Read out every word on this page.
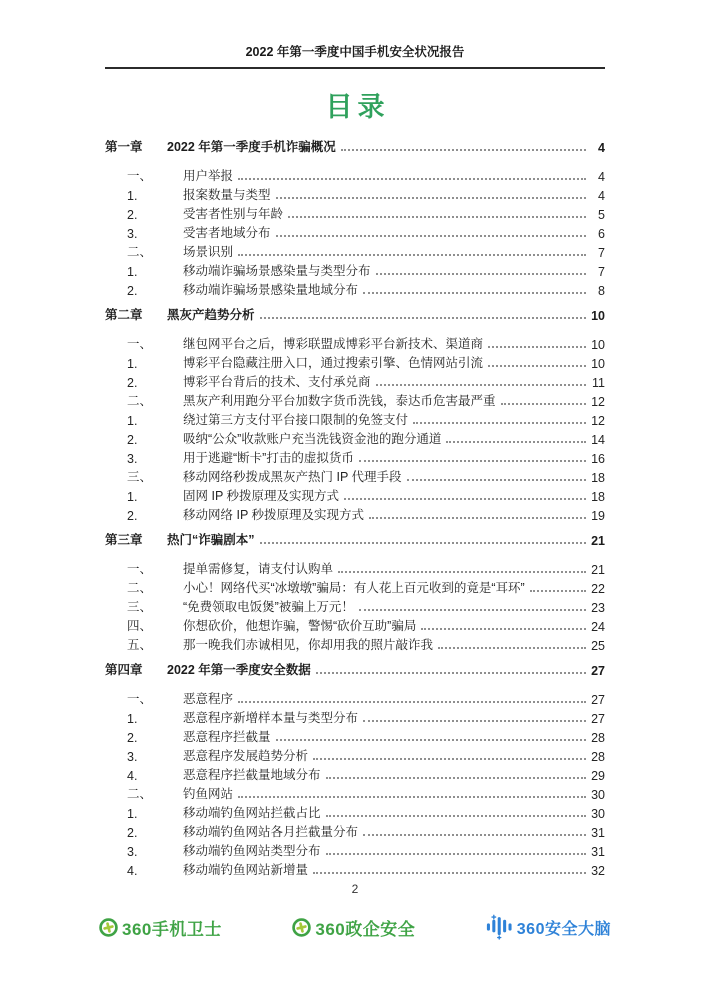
2022 年第一季度中国手机安全状况报告
目录
第一章	2022 年第一季度手机诈骗概况	4
一、	用户举报	4
1.	报案数量与类型	4
2.	受害者性别与年龄	5
3.	受害者地域分布	6
二、	场景识别	7
1.	移动端诈骗场景感染量与类型分布	7
2.	移动端诈骗场景感染量地域分布	8
第二章	黑灰产趋势分析	10
一、	继包网平台之后，博彩联盟成博彩平台新技术、渠道商	10
1.	博彩平台隐藏注册入口，通过搜索引擎、色情网站引流	10
2.	博彩平台背后的技术、支付承兑商	11
二、	黑灰产利用跑分平台加数字货币洗钱，泰达币危害最严重	12
1.	绕过第三方支付平台接口限制的免签支付	12
2.	吸纳“公众”收款账户充当洗钱资金池的跑分通道	14
3.	用于逃避“断卡”打击的虚拟货币	16
三、	移动网络秒拨成黑灰产热门 IP 代理手段	18
1.	固网 IP 秒拨原理及实现方式	18
2.	移动网络 IP 秒拨原理及实现方式	19
第三章	热门“诈骗剧本”	21
一、	提单需修复，请支付认购单	21
二、	小心！网络代买“冰墩墩”骗局：有人花上百元收到的竟是“耳环”	22
三、	“免费领取电饭煲”被骗上万元！	23
四、	你想砍价，他想诈骗，警惕“砍价互助”骗局	24
五、	那一晚我们赤诚相见，你却用我的照片敲诈我	25
第四章	2022 年第一季度安全数据	27
一、	恶意程序	27
1.	恶意程序新增样本量与类型分布	27
2.	恶意程序拦截量	28
3.	恶意程序发展趋势分析	28
4.	恶意程序拦截量地域分布	29
二、	钓鱼网站	30
1.	移动端钓鱼网站拦截占比	30
2.	移动端钓鱼网站各月拦截量分布	31
3.	移动端钓鱼网站类型分布	31
4.	移动端钓鱼网站新增量	32
2
360手机卫士	360政企安全	360安全大脑
